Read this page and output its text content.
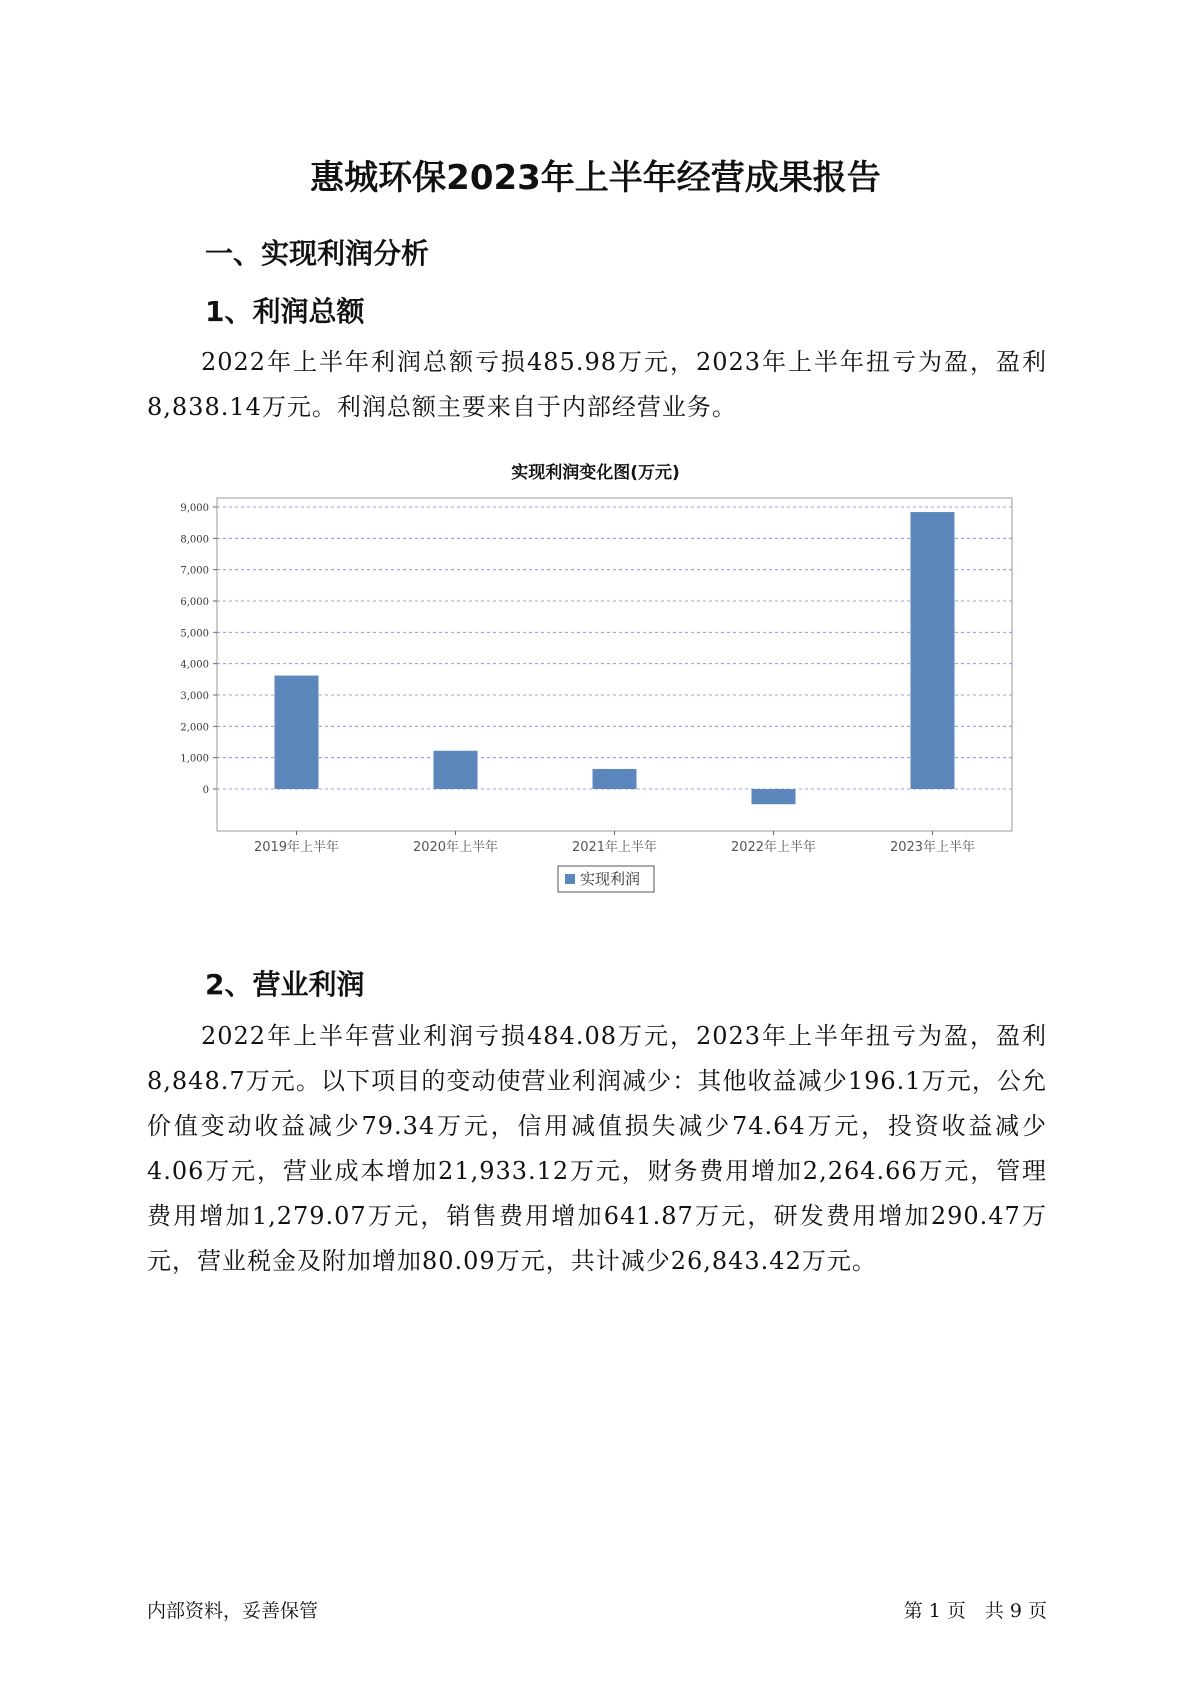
惠城环保2023年上半年经营成果报告
一、实现利润分析
1、利润总额

2022年上半年利润总额亏损485.98万元，2023年上半年扭亏为盈，盈利8,838.14万元。利润总额主要来自于内部经营业务。

实现利润变化图(万元)
0
1,000
2,000
3,000
4,000
5,000
6,000
7,000
8,000
9,000
2019年上半年	2020年上半年	2021年上半年	2022年上半年	2023年上半年
实现利润
2、营业利润

2022年上半年营业利润亏损484.08万元，2023年上半年扭亏为盈，盈利8,848.7万元。以下项目的变动使营业利润减少：其他收益减少196.1万元，公允价值变动收益减少79.34万元，信用减值损失减少74.64万元，投资收益减少4.06万元，营业成本增加21,933.12万元，财务费用增加2,264.66万元，管理费用增加1,279.07万元，销售费用增加641.87万元，研发费用增加290.47万元，营业税金及附加增加80.09万元，共计减少26,843.42万元。

内部资料，妥善保管	第 1 页　共 9 页
